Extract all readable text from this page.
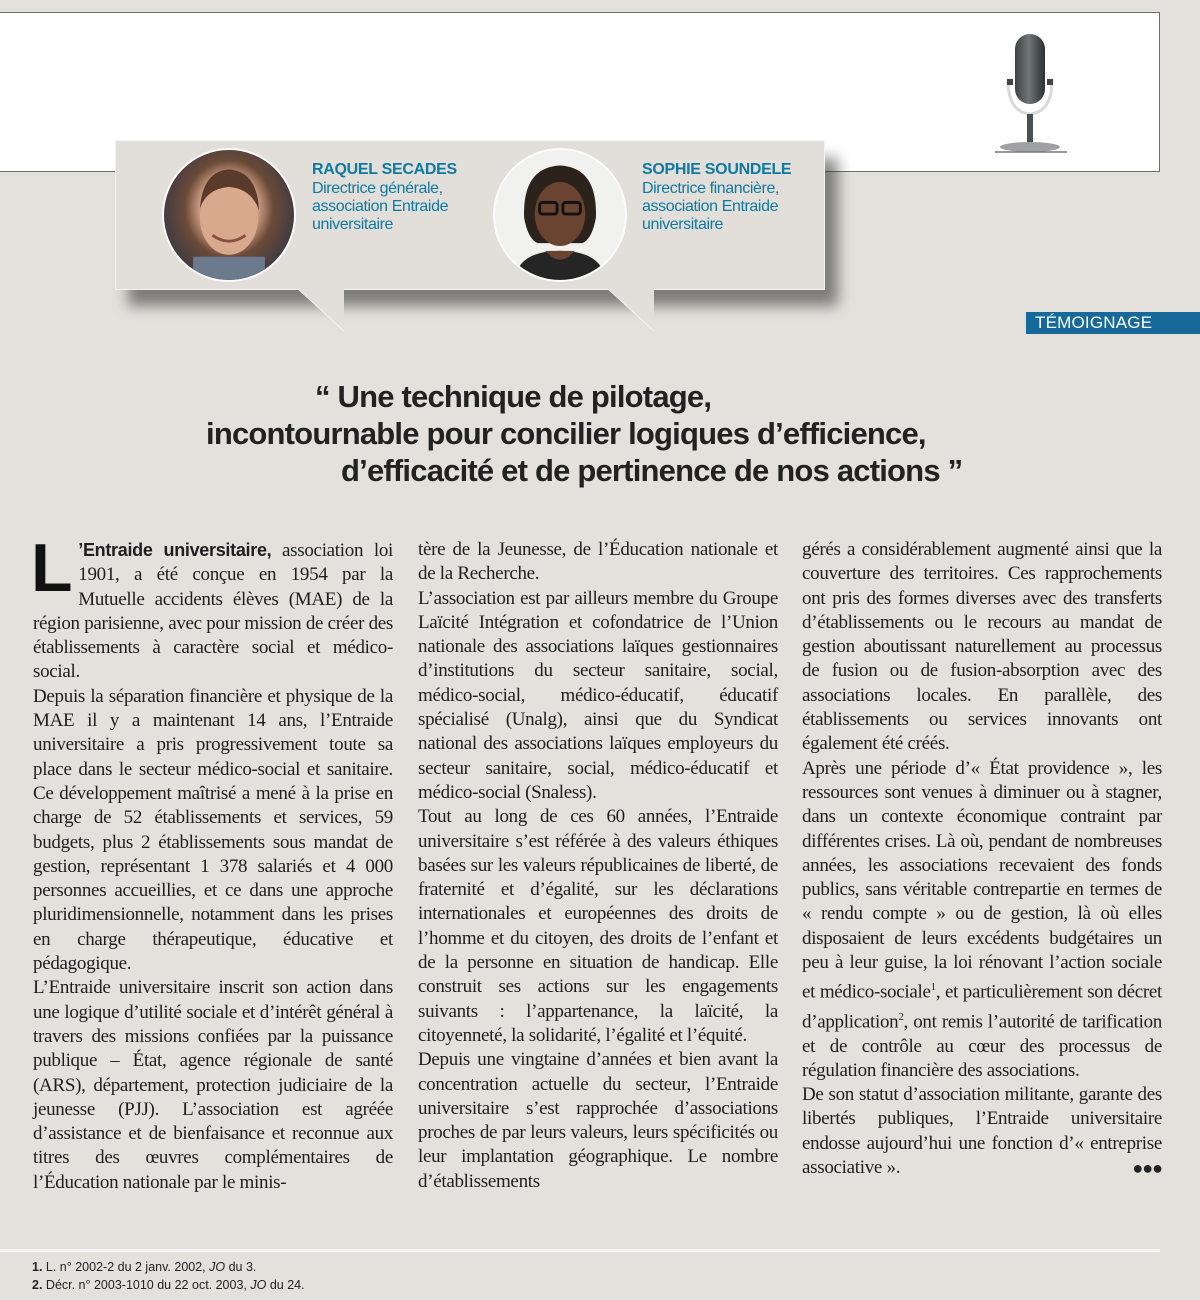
RAQUEL SECADES
Directrice générale,
association Entraide
universitaire
SOPHIE SOUNDELE
Directrice financière,
association Entraide
universitaire
TÉMOIGNAGE
“ Une technique de pilotage,
incontournable pour concilier logiques d’efficience,
d’efficacité et de pertinence de nos actions ”

L ’Entraide universitaire, association loi 1901, a été conçue en 1954 par la Mutuelle accidents élèves (MAE) de la région parisienne, avec pour mission de créer des établissements à caractère social et médico-social.

Depuis la séparation financière et physique de la MAE il y a maintenant 14 ans, l’Entraide universitaire a pris progressivement toute sa place dans le secteur médico-social et sanitaire. Ce développement maîtrisé a mené à la prise en charge de 52 établissements et services, 59 budgets, plus 2 établissements sous mandat de gestion, représentant 1 378 salariés et 4 000 personnes accueillies, et ce dans une approche pluridimensionnelle, notamment dans les prises en charge thérapeutique, éducative et pédagogique.

L’Entraide universitaire inscrit son action dans une logique d’utilité sociale et d’intérêt général à travers des missions confiées par la puissance publique – État, agence régionale de santé (ARS), département, protection judiciaire de la jeunesse (PJJ). L’association est agréée d’assistance et de bienfaisance et reconnue aux titres des œuvres complémentaires de l’Éducation nationale par le minis-

tère de la Jeunesse, de l’Éducation nationale et de la Recherche.

L’association est par ailleurs membre du Groupe Laïcité Intégration et cofondatrice de l’Union nationale des associations laïques gestionnaires d’institutions du secteur sanitaire, social, médico-social, médico-éducatif, éducatif spécialisé (Unalg), ainsi que du Syndicat national des associations laïques employeurs du secteur sanitaire, social, médico-éducatif et médico-social (Snaless).

Tout au long de ces 60 années, l’Entraide universitaire s’est référée à des valeurs éthiques basées sur les valeurs républicaines de liberté, de fraternité et d’égalité, sur les déclarations internationales et européennes des droits de l’homme et du citoyen, des droits de l’enfant et de la personne en situation de handicap. Elle construit ses actions sur les engagements suivants : l’appartenance, la laïcité, la citoyenneté, la solidarité, l’égalité et l’équité.

Depuis une vingtaine d’années et bien avant la concentration actuelle du secteur, l’Entraide universitaire s’est rapprochée d’associations proches de par leurs valeurs, leurs spécificités ou leur implantation géographique. Le nombre d’établissements

gérés a considérablement augmenté ainsi que la couverture des territoires. Ces rapprochements ont pris des formes diverses avec des transferts d’établissements ou le recours au mandat de gestion aboutissant naturellement au processus de fusion ou de fusion-absorption avec des associations locales. En parallèle, des établissements ou services innovants ont également été créés.

Après une période d’« État providence », les ressources sont venues à diminuer ou à stagner, dans un contexte économique contraint par différentes crises. Là où, pendant de nombreuses années, les associations recevaient des fonds publics, sans véritable contrepartie en termes de « rendu compte » ou de gestion, là où elles disposaient de leurs excédents budgétaires un peu à leur guise, la loi rénovant l’action sociale et médico-sociale$^1$, et particulièrement son décret d’application$^2$, ont remis l’autorité de tarification et de contrôle au cœur des processus de régulation financière des associations.

De son statut d’association militante, garante des libertés publiques, l’Entraide universitaire endosse aujourd’hui une fonction d’« entreprise associative ».	●●●

1. L. n° 2002-2 du 2 janv. 2002, JO du 3.
2. Décr. n° 2003-1010 du 22 oct. 2003, JO du 24.
